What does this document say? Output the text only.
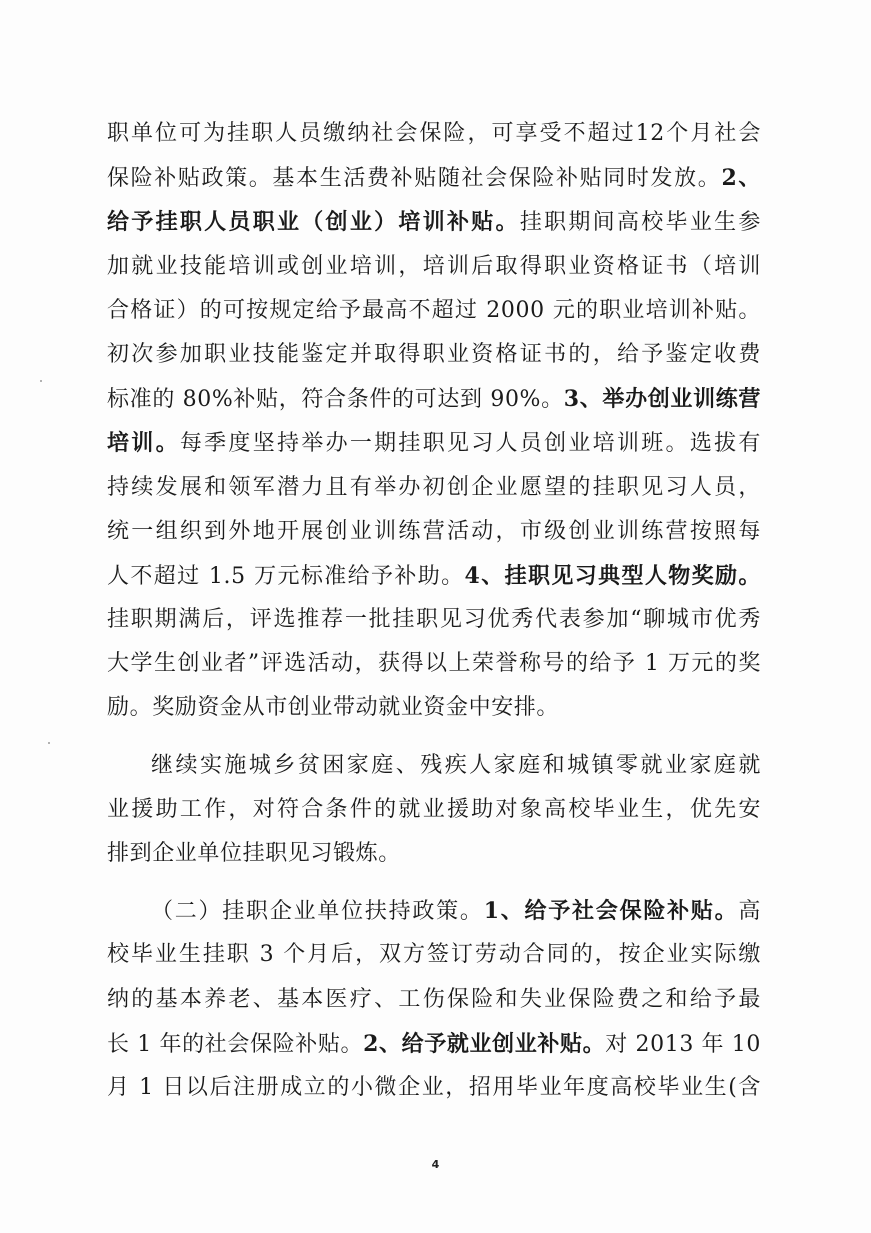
职单位可为挂职人员缴纳社会保险，可享受不超过12个月社会
保险补贴政策。基本生活费补贴随社会保险补贴同时发放。2、
给予挂职人员职业（创业）培训补贴。挂职期间高校毕业生参
加就业技能培训或创业培训，培训后取得职业资格证书（培训
合格证）的可按规定给予最高不超过 2000 元的职业培训补贴。
初次参加职业技能鉴定并取得职业资格证书的，给予鉴定收费
标准的 80%补贴，符合条件的可达到 90%。3、举办创业训练营
培训。每季度坚持举办一期挂职见习人员创业培训班。选拔有
持续发展和领军潜力且有举办初创企业愿望的挂职见习人员，
统一组织到外地开展创业训练营活动，市级创业训练营按照每
人不超过 1.5 万元标准给予补助。4、挂职见习典型人物奖励。
挂职期满后，评选推荐一批挂职见习优秀代表参加“聊城市优秀
大学生创业者”评选活动，获得以上荣誉称号的给予 1 万元的奖
励。奖励资金从市创业带动就业资金中安排。
继续实施城乡贫困家庭、残疾人家庭和城镇零就业家庭就
业援助工作，对符合条件的就业援助对象高校毕业生，优先安
排到企业单位挂职见习锻炼。
（二）挂职企业单位扶持政策。1、给予社会保险补贴。高
校毕业生挂职 3 个月后，双方签订劳动合同的，按企业实际缴
纳的基本养老、基本医疗、工伤保险和失业保险费之和给予最
长 1 年的社会保险补贴。2、给予就业创业补贴。对 2013 年 10
月 1 日以后注册成立的小微企业，招用毕业年度高校毕业生(含
4
